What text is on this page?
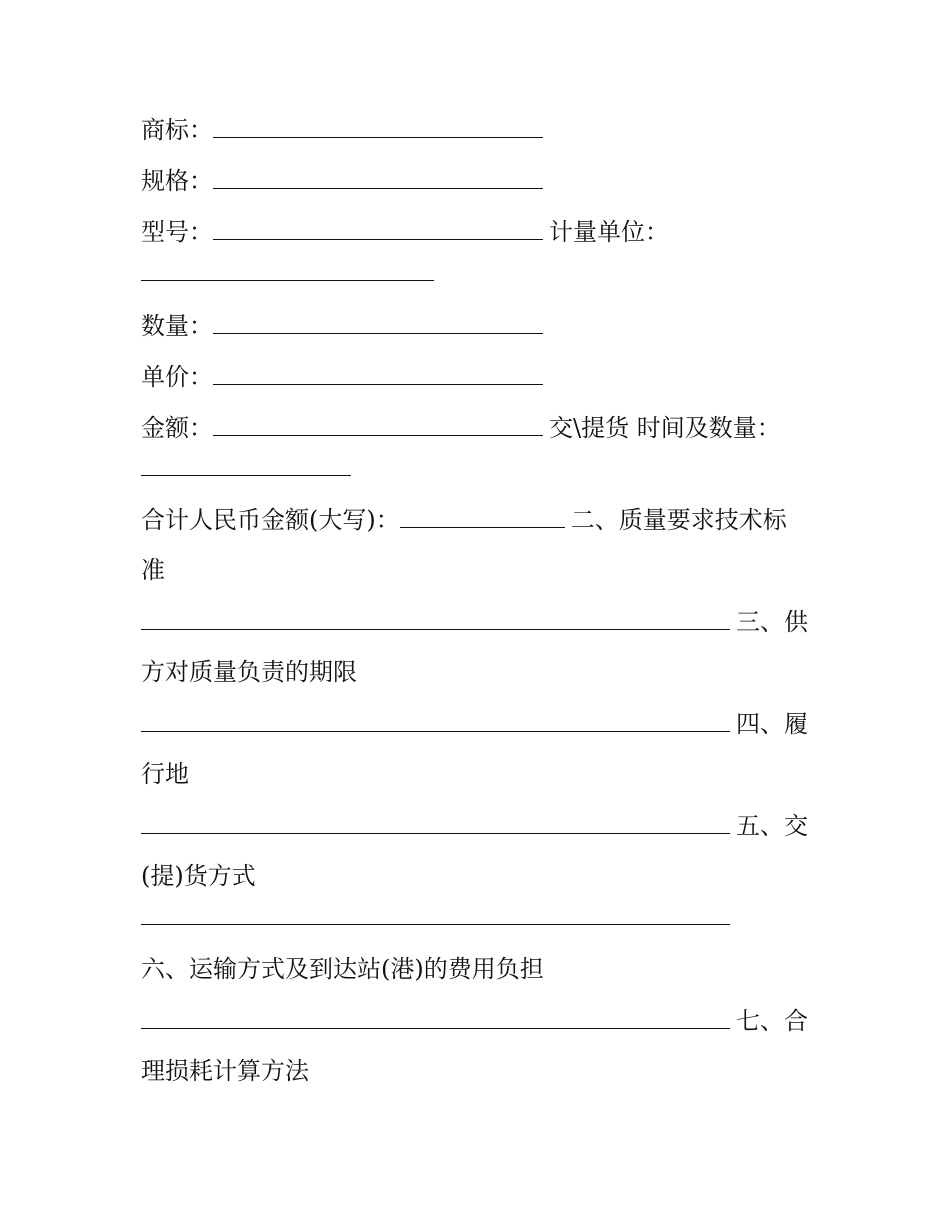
商标：
规格：
型号：	计量单位：
数量：
单价：
金额：	交\提货 时间及数量：
合计人民币金额(大写)：	二、质量要求技术标
准
三、供
方对质量负责的期限
四、履
行地
五、交
(提)货方式
六、运输方式及到达站(港)的费用负担
七、合
理损耗计算方法
